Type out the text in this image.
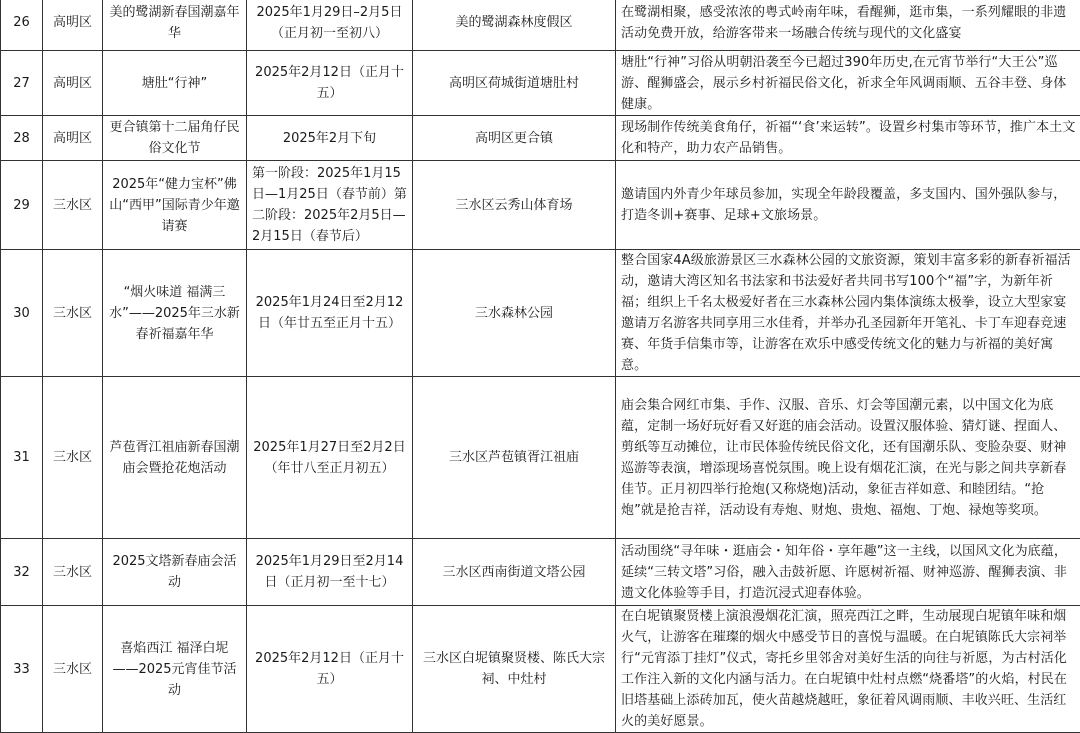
26	高明区	美的鹭湖新春国潮嘉年华	2025年1月29日–2月5日（正月初一至初八）	美的鹭湖森林度假区	在鹭湖相聚，感受浓浓的粤式岭南年味，看醒狮，逛市集，一系列耀眼的非遗活动免费开放，给游客带来一场融合传统与现代的文化盛宴
27	高明区	塘肚“行神”	2025年2月12日（正月十五）	高明区荷城街道塘肚村	塘肚“行神”习俗从明朝沿袭至今已超过390年历史,在元宵节举行“大王公”巡游、醒狮盛会，展示乡村祈福民俗文化，祈求全年风调雨顺、五谷丰登、身体健康。
28	高明区	更合镇第十二届角仔民俗文化节	2025年2月下旬	高明区更合镇	现场制作传统美食角仔，祈福“‘食’来运转”。设置乡村集市等环节，推广本土文化和特产，助力农产品销售。
29	三水区	2025年“健力宝杯”佛山“西甲”国际青少年邀请赛	第一阶段：2025年1月15日—1月25日（春节前）第二阶段：2025年2月5日—2月15日（春节后）	三水区云秀山体育场	邀请国内外青少年球员参加，实现全年龄段覆盖，多支国内、国外强队参与，打造冬训+赛事、足球+文旅场景。
30	三水区	“烟火味道 福满三水”——2025年三水新春祈福嘉年华	2025年1月24日至2月12日（年廿五至正月十五）	三水森林公园	整合国家4A级旅游景区三水森林公园的文旅资源，策划丰富多彩的新春祈福活动，邀请大湾区知名书法家和书法爱好者共同书写100个“福”字，为新年祈福；组织上千名太极爱好者在三水森林公园内集体演练太极拳，设立大型家宴邀请万名游客共同享用三水佳肴，并举办孔圣园新年开笔礼、卡丁车迎春竞速赛、年货手信集市等，让游客在欢乐中感受传统文化的魅力与祈福的美好寓意。
31	三水区	芦苞胥江祖庙新春国潮庙会暨抢花炮活动	2025年1月27日至2月2日（年廿八至正月初五）	三水区芦苞镇胥江祖庙	庙会集合网红市集、手作、汉服、音乐、灯会等国潮元素，以中国文化为底蕴，定制一场好玩好看又好逛的庙会活动。设置汉服体验、猜灯谜、捏面人、剪纸等互动摊位，让市民体验传统民俗文化，还有国潮乐队、变脸杂耍、财神巡游等表演，增添现场喜悦氛围。晚上设有烟花汇演，在光与影之间共享新春佳节。正月初四举行抢炮(又称烧炮)活动，象征吉祥如意、和睦团结。“抢炮”就是抢吉祥，活动设有寿炮、财炮、贵炮、福炮、丁炮、禄炮等奖项。
32	三水区	2025文塔新春庙会活动	2025年1月29日至2月14日（正月初一至十七）	三水区西南街道文塔公园	活动围绕“寻年味・逛庙会・知年俗・享年趣”这一主线，以国风文化为底蕴，延续“三转文塔”习俗，融入击鼓祈愿、许愿树祈福、财神巡游、醒狮表演、非遗文化体验等手目，打造沉浸式迎春体验。
33	三水区	喜焰西江 福泽白坭——2025元宵佳节活动	2025年2月12日（正月十五）	三水区白坭镇聚贤楼、陈氏大宗祠、中灶村	在白坭镇聚贤楼上演浪漫烟花汇演，照亮西江之畔，生动展现白坭镇年味和烟火气，让游客在璀璨的烟火中感受节日的喜悦与温暖。在白坭镇陈氏大宗祠举行“元宵添丁挂灯”仪式，寄托乡里邻舍对美好生活的向往与祈愿，为古村活化工作注入新的文化内涵与活力。在白坭镇中灶村点燃“烧番塔”的火焰，村民在旧塔基础上添砖加瓦，使火苗越烧越旺，象征着风调雨顺、丰收兴旺、生活红火的美好愿景。
